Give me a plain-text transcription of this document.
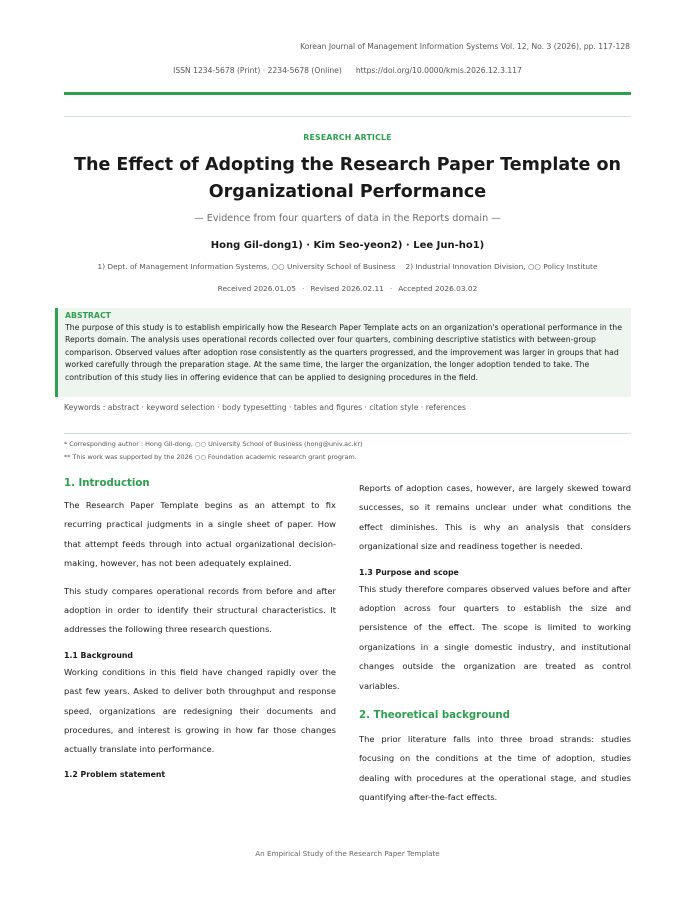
Korean Journal of Management Information Systems Vol. 12, No. 3 (2026), pp. 117-128
ISSN 1234-5678 (Print) · 2234-5678 (Online) https://doi.org/10.0000/kmis.2026.12.3.117
RESEARCH ARTICLE
The Effect of Adopting the Research Paper Template on Organizational Performance
— Evidence from four quarters of data in the Reports domain —
Hong Gil-dong1) · Kim Seo-yeon2) · Lee Jun-ho1)
1) Dept. of Management Information Systems, ○○ University School of Business 2) Industrial Innovation Division, ○○ Policy Institute
Received 2026.01.05 · Revised 2026.02.11 · Accepted 2026.03.02
ABSTRACT

The purpose of this study is to establish empirically how the Research Paper Template acts on an organization's operational performance in the Reports domain. The analysis uses operational records collected over four quarters, combining descriptive statistics with between-group comparison. Observed values after adoption rose consistently as the quarters progressed, and the improvement was larger in groups that had worked carefully through the preparation stage. At the same time, the larger the organization, the longer adoption tended to take. The contribution of this study lies in offering evidence that can be applied to designing procedures in the field.

Keywords : abstract · keyword selection · body typesetting · tables and figures · citation style · references
* Corresponding author : Hong Gil-dong, ○○ University School of Business (hong@univ.ac.kr)
** This work was supported by the 2026 ○○ Foundation academic research grant program.
1. Introduction

The Research Paper Template begins as an attempt to fix recurring practical judgments in a single sheet of paper. How that attempt feeds through into actual organizational decision-making, however, has not been adequately explained.

This study compares operational records from before and after adoption in order to identify their structural characteristics. It addresses the following three research questions.

1.1 Background

Working conditions in this field have changed rapidly over the past few years. Asked to deliver both throughput and response speed, organizations are redesigning their documents and procedures, and interest is growing in how far those changes actually translate into performance.

1.2 Problem statement

Reports of adoption cases, however, are largely skewed toward successes, so it remains unclear under what conditions the effect diminishes. This is why an analysis that considers organizational size and readiness together is needed.

1.3 Purpose and scope

This study therefore compares observed values before and after adoption across four quarters to establish the size and persistence of the effect. The scope is limited to working organizations in a single domestic industry, and institutional changes outside the organization are treated as control variables.

2. Theoretical background

The prior literature falls into three broad strands: studies focusing on the conditions at the time of adoption, studies dealing with procedures at the operational stage, and studies quantifying after-the-fact effects.

An Empirical Study of the Research Paper Template
